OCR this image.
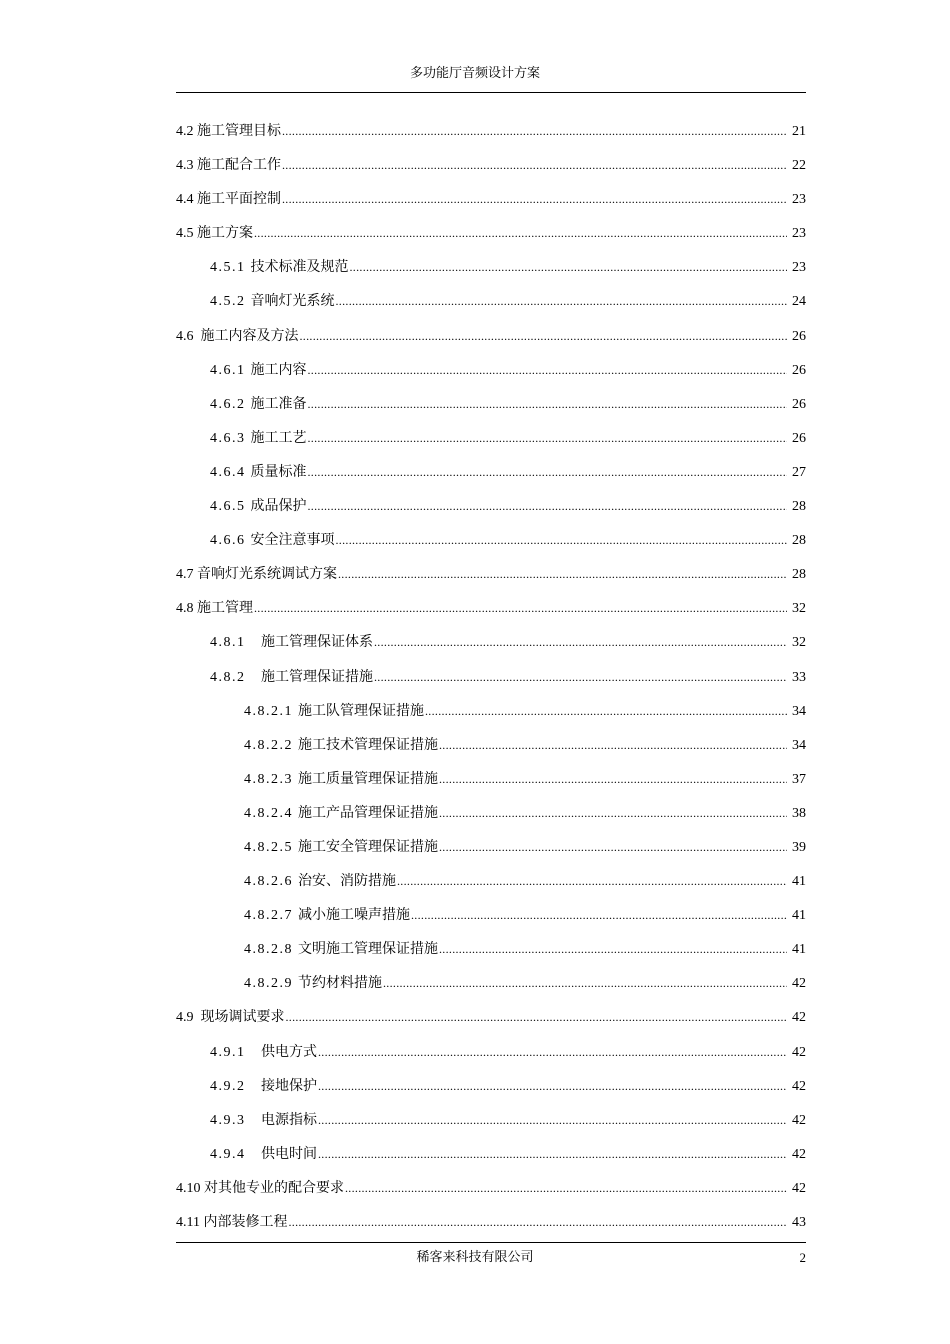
多功能厅音频设计方案
4.2 施工管理目标 .....	21
4.3 施工配合工作 .....	22
4.4 施工平面控制 .....	23
4.5 施工方案 .....	23
4.5.1 技术标准及规范 .....	23
4.5.2 音响灯光系统 .....	24
4.6 施工内容及方法 .....	26
4.6.1 施工内容 .....	26
4.6.2 施工准备 .....	26
4.6.3 施工工艺 .....	26
4.6.4 质量标准 .....	27
4.6.5 成品保护 .....	28
4.6.6 安全注意事项 .....	28
4.7 音响灯光系统调试方案 .....	28
4.8 施工管理 .....	32
4.8.1　 施工管理保证体系 .....	32
4.8.2　 施工管理保证措施 .....	33
4.8.2.1 施工队管理保证措施 .....	34
4.8.2.2 施工技术管理保证措施 .....	34
4.8.2.3 施工质量管理保证措施 .....	37
4.8.2.4 施工产品管理保证措施 .....	38
4.8.2.5 施工安全管理保证措施 .....	39
4.8.2.6 治安、消防措施 .....	41
4.8.2.7 减小施工噪声措施 .....	41
4.8.2.8 文明施工管理保证措施 .....	41
4.8.2.9 节约材料措施 .....	42
4.9 现场调试要求 .....	42
4.9.1　 供电方式 .....	42
4.9.2　 接地保护 .....	42
4.9.3　 电源指标 .....	42
4.9.4　 供电时间 .....	42
4.10 对其他专业的配合要求 .....	42
4.11 内部装修工程 .....	43
稀客来科技有限公司	2
